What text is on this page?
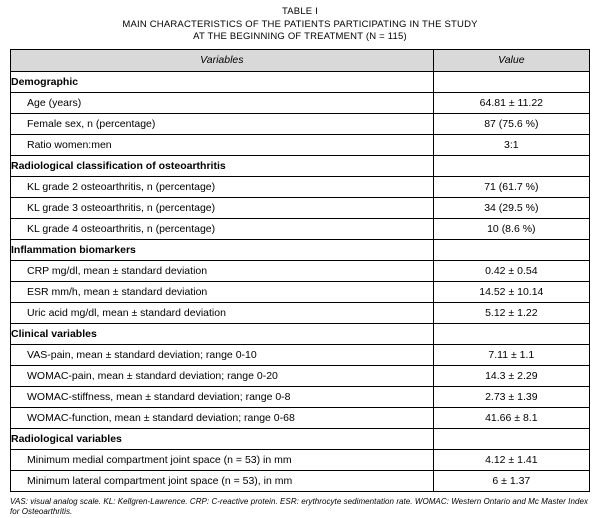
TABLE I
MAIN CHARACTERISTICS OF THE PATIENTS PARTICIPATING IN THE STUDY
AT THE BEGINNING OF TREATMENT (N = 115)
Variables	Value
Demographic	
Age (years)	64.81 ± 11.22
Female sex, n (percentage)	87 (75.6 %)
Ratio women:men	3:1
Radiological classification of osteoarthritis	
KL grade 2 osteoarthritis, n (percentage)	71 (61.7 %)
KL grade 3 osteoarthritis, n (percentage)	34 (29.5 %)
KL grade 4 osteoarthritis, n (percentage)	10 (8.6 %)
Inflammation biomarkers	
CRP mg/dl, mean ± standard deviation	0.42 ± 0.54
ESR mm/h, mean ± standard deviation	14.52 ± 10.14
Uric acid mg/dl, mean ± standard deviation	5.12 ± 1.22
Clinical variables	
VAS-pain, mean ± standard deviation; range 0-10	7.11 ± 1.1
WOMAC-pain, mean ± standard deviation; range 0-20	14.3 ± 2.29
WOMAC-stiffness, mean ± standard deviation; range 0-8	2.73 ± 1.39
WOMAC-function, mean ± standard deviation; range 0-68	41.66 ± 8.1
Radiological variables	
Minimum medial compartment joint space (n = 53) in mm	4.12 ± 1.41
Minimum lateral compartment joint space (n = 53), in mm	6 ± 1.37
VAS: visual analog scale. KL: Kellgren-Lawrence. CRP: C-reactive protein. ESR: erythrocyte sedimentation rate. WOMAC: Western Ontario and Mc Master Index for Osteoarthritis.
